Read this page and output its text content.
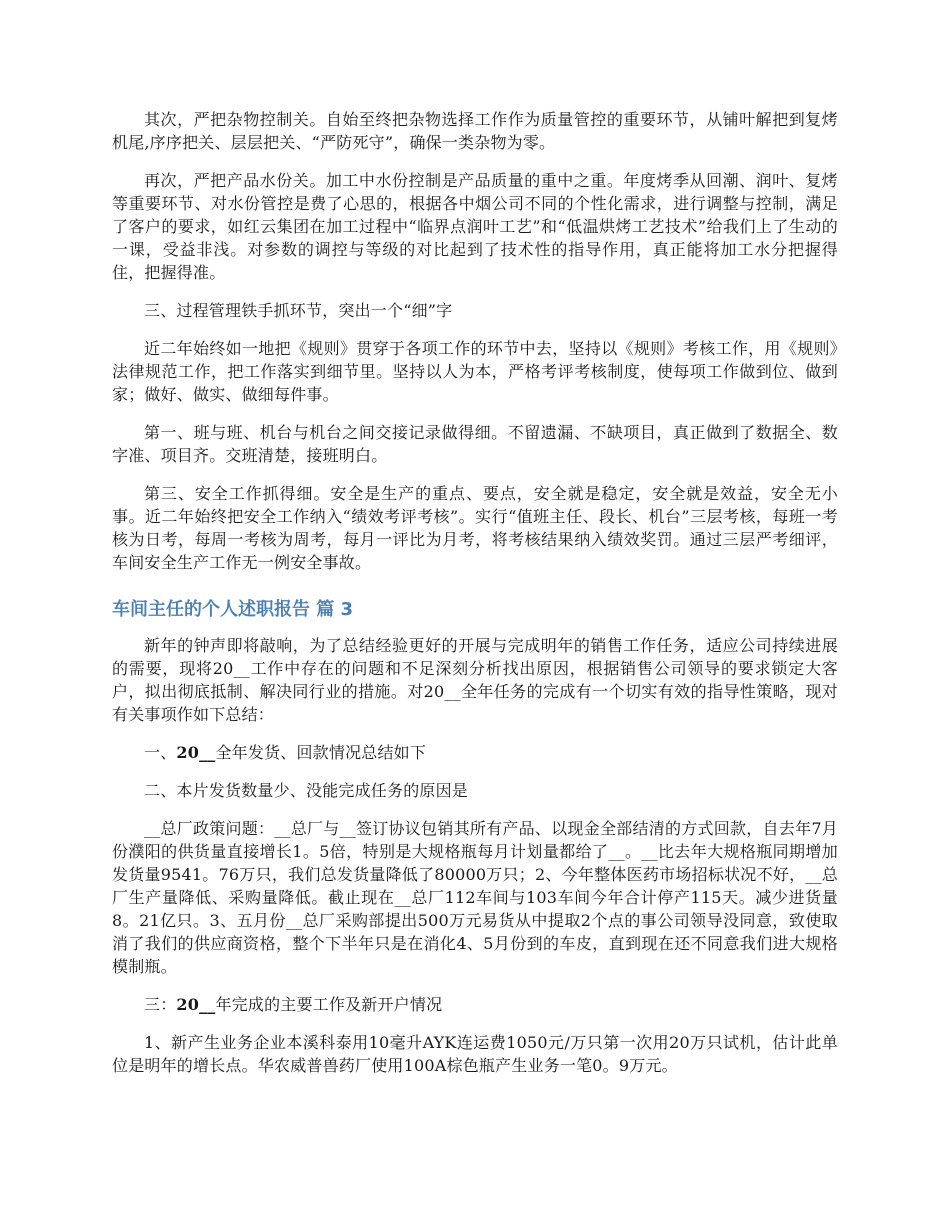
其次，严把杂物控制关。自始至终把杂物选择工作作为质量管控的重要环节，从铺叶解把到复烤机尾,序序把关、层层把关、“严防死守”，确保一类杂物为零。

再次，严把产品水份关。加工中水份控制是产品质量的重中之重。年度烤季从回潮、润叶、复烤等重要环节、对水份管控是费了心思的，根据各中烟公司不同的个性化需求，进行调整与控制，满足了客户的要求，如红云集团在加工过程中“临界点润叶工艺”和“低温烘烤工艺技术”给我们上了生动的一课，受益非浅。对参数的调控与等级的对比起到了技术性的指导作用，真正能将加工水分把握得住，把握得准。

三、过程管理铁手抓环节，突出一个“细”字

近二年始终如一地把《规则》贯穿于各项工作的环节中去，坚持以《规则》考核工作，用《规则》法律规范工作，把工作落实到细节里。坚持以人为本，严格考评考核制度，使每项工作做到位、做到家；做好、做实、做细每件事。

第一、班与班、机台与机台之间交接记录做得细。不留遗漏、不缺项目，真正做到了数据全、数字准、项目齐。交班清楚，接班明白。

第三、安全工作抓得细。安全是生产的重点、要点，安全就是稳定，安全就是效益，安全无小事。近二年始终把安全工作纳入“绩效考评考核”。实行“值班主任、段长、机台”三层考核，每班一考核为日考，每周一考核为周考，每月一评比为月考，将考核结果纳入绩效奖罚。通过三层严考细评，车间安全生产工作无一例安全事故。

车间主任的个人述职报告 篇 3

新年的钟声即将敲响，为了总结经验更好的开展与完成明年的销售工作任务，适应公司持续进展的需要，现将20__工作中存在的问题和不足深刻分析找出原因，根据销售公司领导的要求锁定大客户，拟出彻底抵制、解决同行业的措施。对20__全年任务的完成有一个切实有效的指导性策略，现对有关事项作如下总结：

一、20__全年发货、回款情况总结如下

二、本片发货数量少、没能完成任务的原因是

__总厂政策问题：__总厂与__签订协议包销其所有产品、以现金全部结清的方式回款，自去年7月份濮阳的供货量直接增长1。5倍，特别是大规格瓶每月计划量都给了__。__比去年大规格瓶同期增加发货量9541。76万只，我们总发货量降低了80000万只；2、今年整体医药市场招标状况不好，__总厂生产量降低、采购量降低。截止现在__总厂112车间与103车间今年合计停产115天。减少进货量8。21亿只。3、五月份__总厂采购部提出500万元易货从中提取2个点的事公司领导没同意，致使取消了我们的供应商资格，整个下半年只是在消化4、5月份到的车皮，直到现在还不同意我们进大规格模制瓶。

三：20__年完成的主要工作及新开户情况

1、新产生业务企业本溪科泰用10毫升AYK连运费1050元/万只第一次用20万只试机，估计此单位是明年的增长点。华农威普兽药厂使用100A棕色瓶产生业务一笔0。9万元。
